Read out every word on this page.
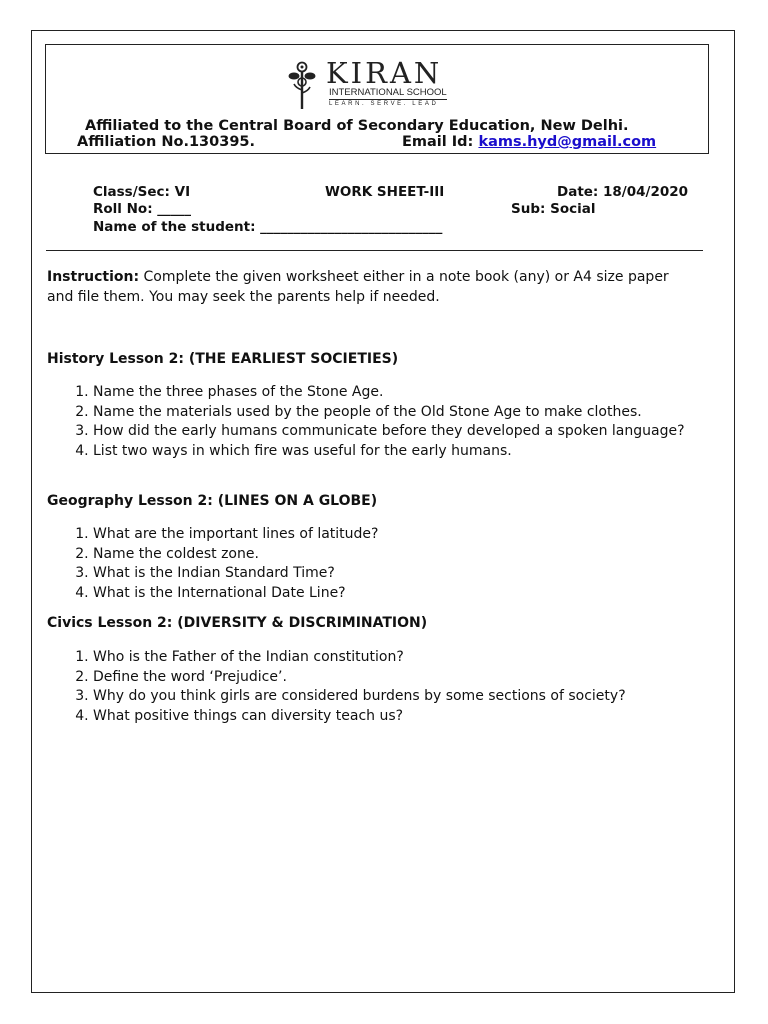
KIRAN
INTERNATIONAL SCHOOL
LEARN. SERVE. LEAD
Affiliated to the Central Board of Secondary Education, New Delhi.
Affiliation No.130395.	Email Id: kams.hyd@gmail.com
Class/Sec: VI	WORK SHEET-III	Date: 18/04/2020
Roll No: _____	Sub: Social
Name of the student: ___________________________
Instruction: Complete the given worksheet either in a note book (any) or A4 size paper and file them. You may seek the parents help if needed.
History Lesson 2: (THE EARLIEST SOCIETIES)
1. Name the three phases of the Stone Age.
2. Name the materials used by the people of the Old Stone Age to make clothes.
3. How did the early humans communicate before they developed a spoken language?
4. List two ways in which fire was useful for the early humans.
Geography Lesson 2: (LINES ON A GLOBE)
1. What are the important lines of latitude?
2. Name the coldest zone.
3. What is the Indian Standard Time?
4. What is the International Date Line?
Civics Lesson 2: (DIVERSITY & DISCRIMINATION)
1. Who is the Father of the Indian constitution?
2. Define the word ‘Prejudice’.
3. Why do you think girls are considered burdens by some sections of society?
4. What positive things can diversity teach us?
